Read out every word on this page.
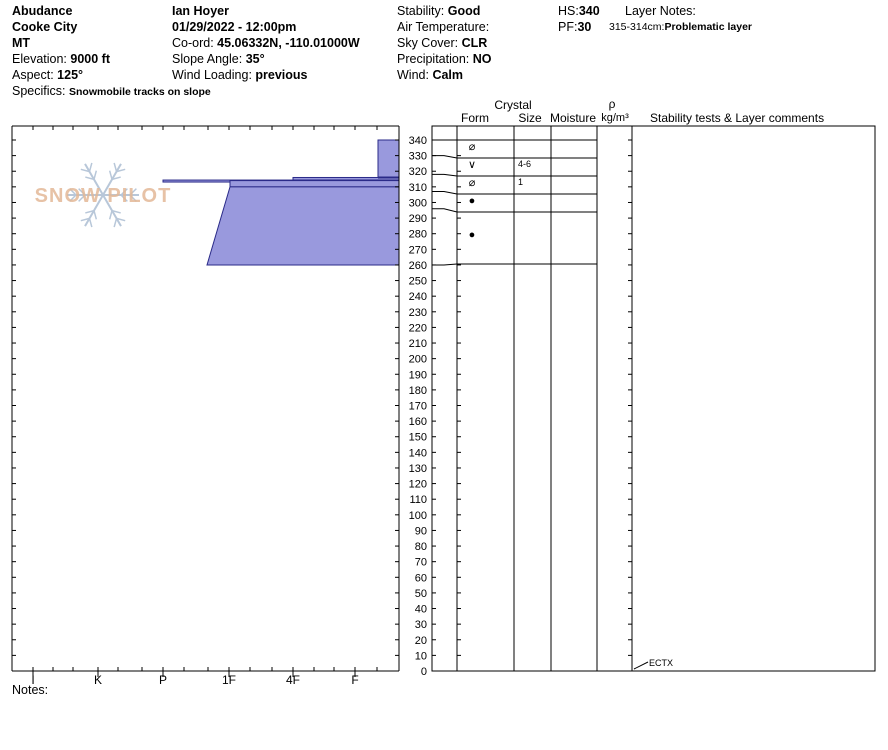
Abudance
Cooke City
MT
Elevation: 9000 ft
Aspect: 125°
Ian Hoyer
01/29/2022 - 12:00pm
Co-ord: 45.06332N, -110.01000W
Slope Angle: 35°
Wind Loading: previous
Stability: Good
Air Temperature:
Sky Cover: CLR
Precipitation: NO
Wind: Calm
HS:340
PF:30
Layer Notes:
315-314cm:Problematic layer
Specifics: Snowmobile tracks on slope
SNOW PILOT
I	K	P	1F	4F	F
0
10
20
30
40
50
60
70
80
90
100
110
120
130
140
150
160
170
180
190
200
210
220
230
240
250
260
270
280
290
300
310
320
330
340	⌀
∨	4-6
⌀	1
●
●
Crystal
Form Size Moisture
ρ
kg/m³ Stability tests & Layer comments
ECTX
Notes:
